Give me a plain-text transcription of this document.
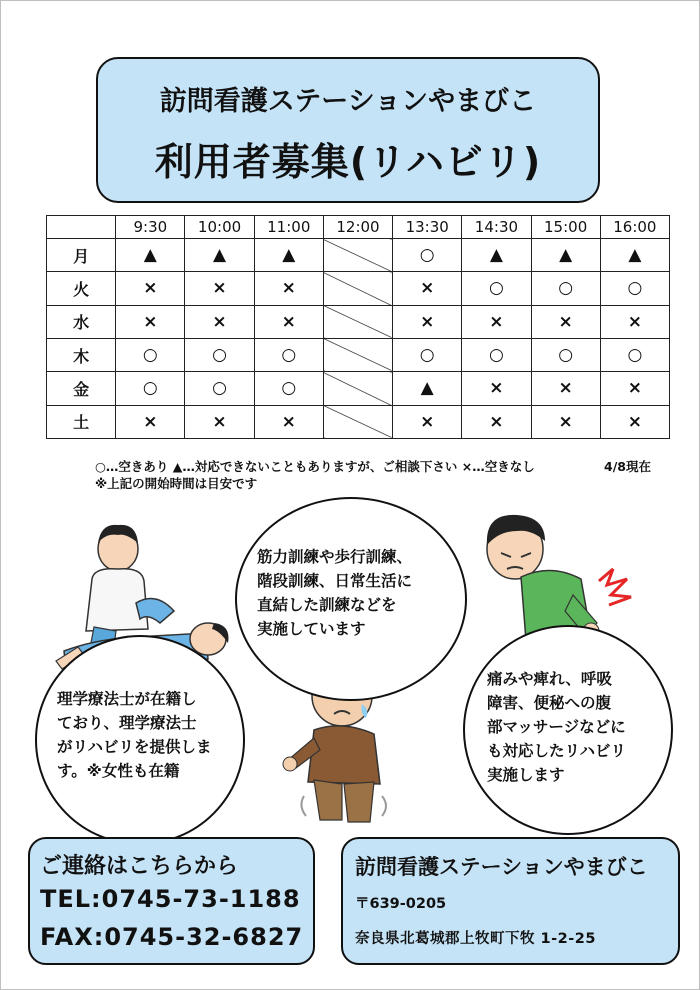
訪問看護ステーションやまびこ
利用者募集(リハビリ)
	9:30	10:00	11:00	12:00	13:30	14:30	15:00	16:00
月	▲	▲	▲		○	▲	▲	▲
火	×	×	×		×	○	○	○
水	×	×	×		×	×	×	×
木	○	○	○		○	○	○	○
金	○	○	○		▲	×	×	×
土	×	×	×		×	×	×	×
○…空きあり ▲…対応できないこともありますが、ご相談下さい ×…空きなし	4/8現在
※上記の開始時間は目安です
理学療法士が在籍し
ており、理学療法士
がリハビリを提供しま
す。※女性も在籍
筋力訓練や歩行訓練、
階段訓練、日常生活に
直結した訓練などを
実施しています
痛みや痺れ、呼吸
障害、便秘への腹
部マッサージなどに
も対応したリハビリ
実施します
ご連絡はこちらから
TEL:0745-73-1188
FAX:0745-32-6827
訪問看護ステーションやまびこ
〒639-0205
奈良県北葛城郡上牧町下牧 1-2-25
